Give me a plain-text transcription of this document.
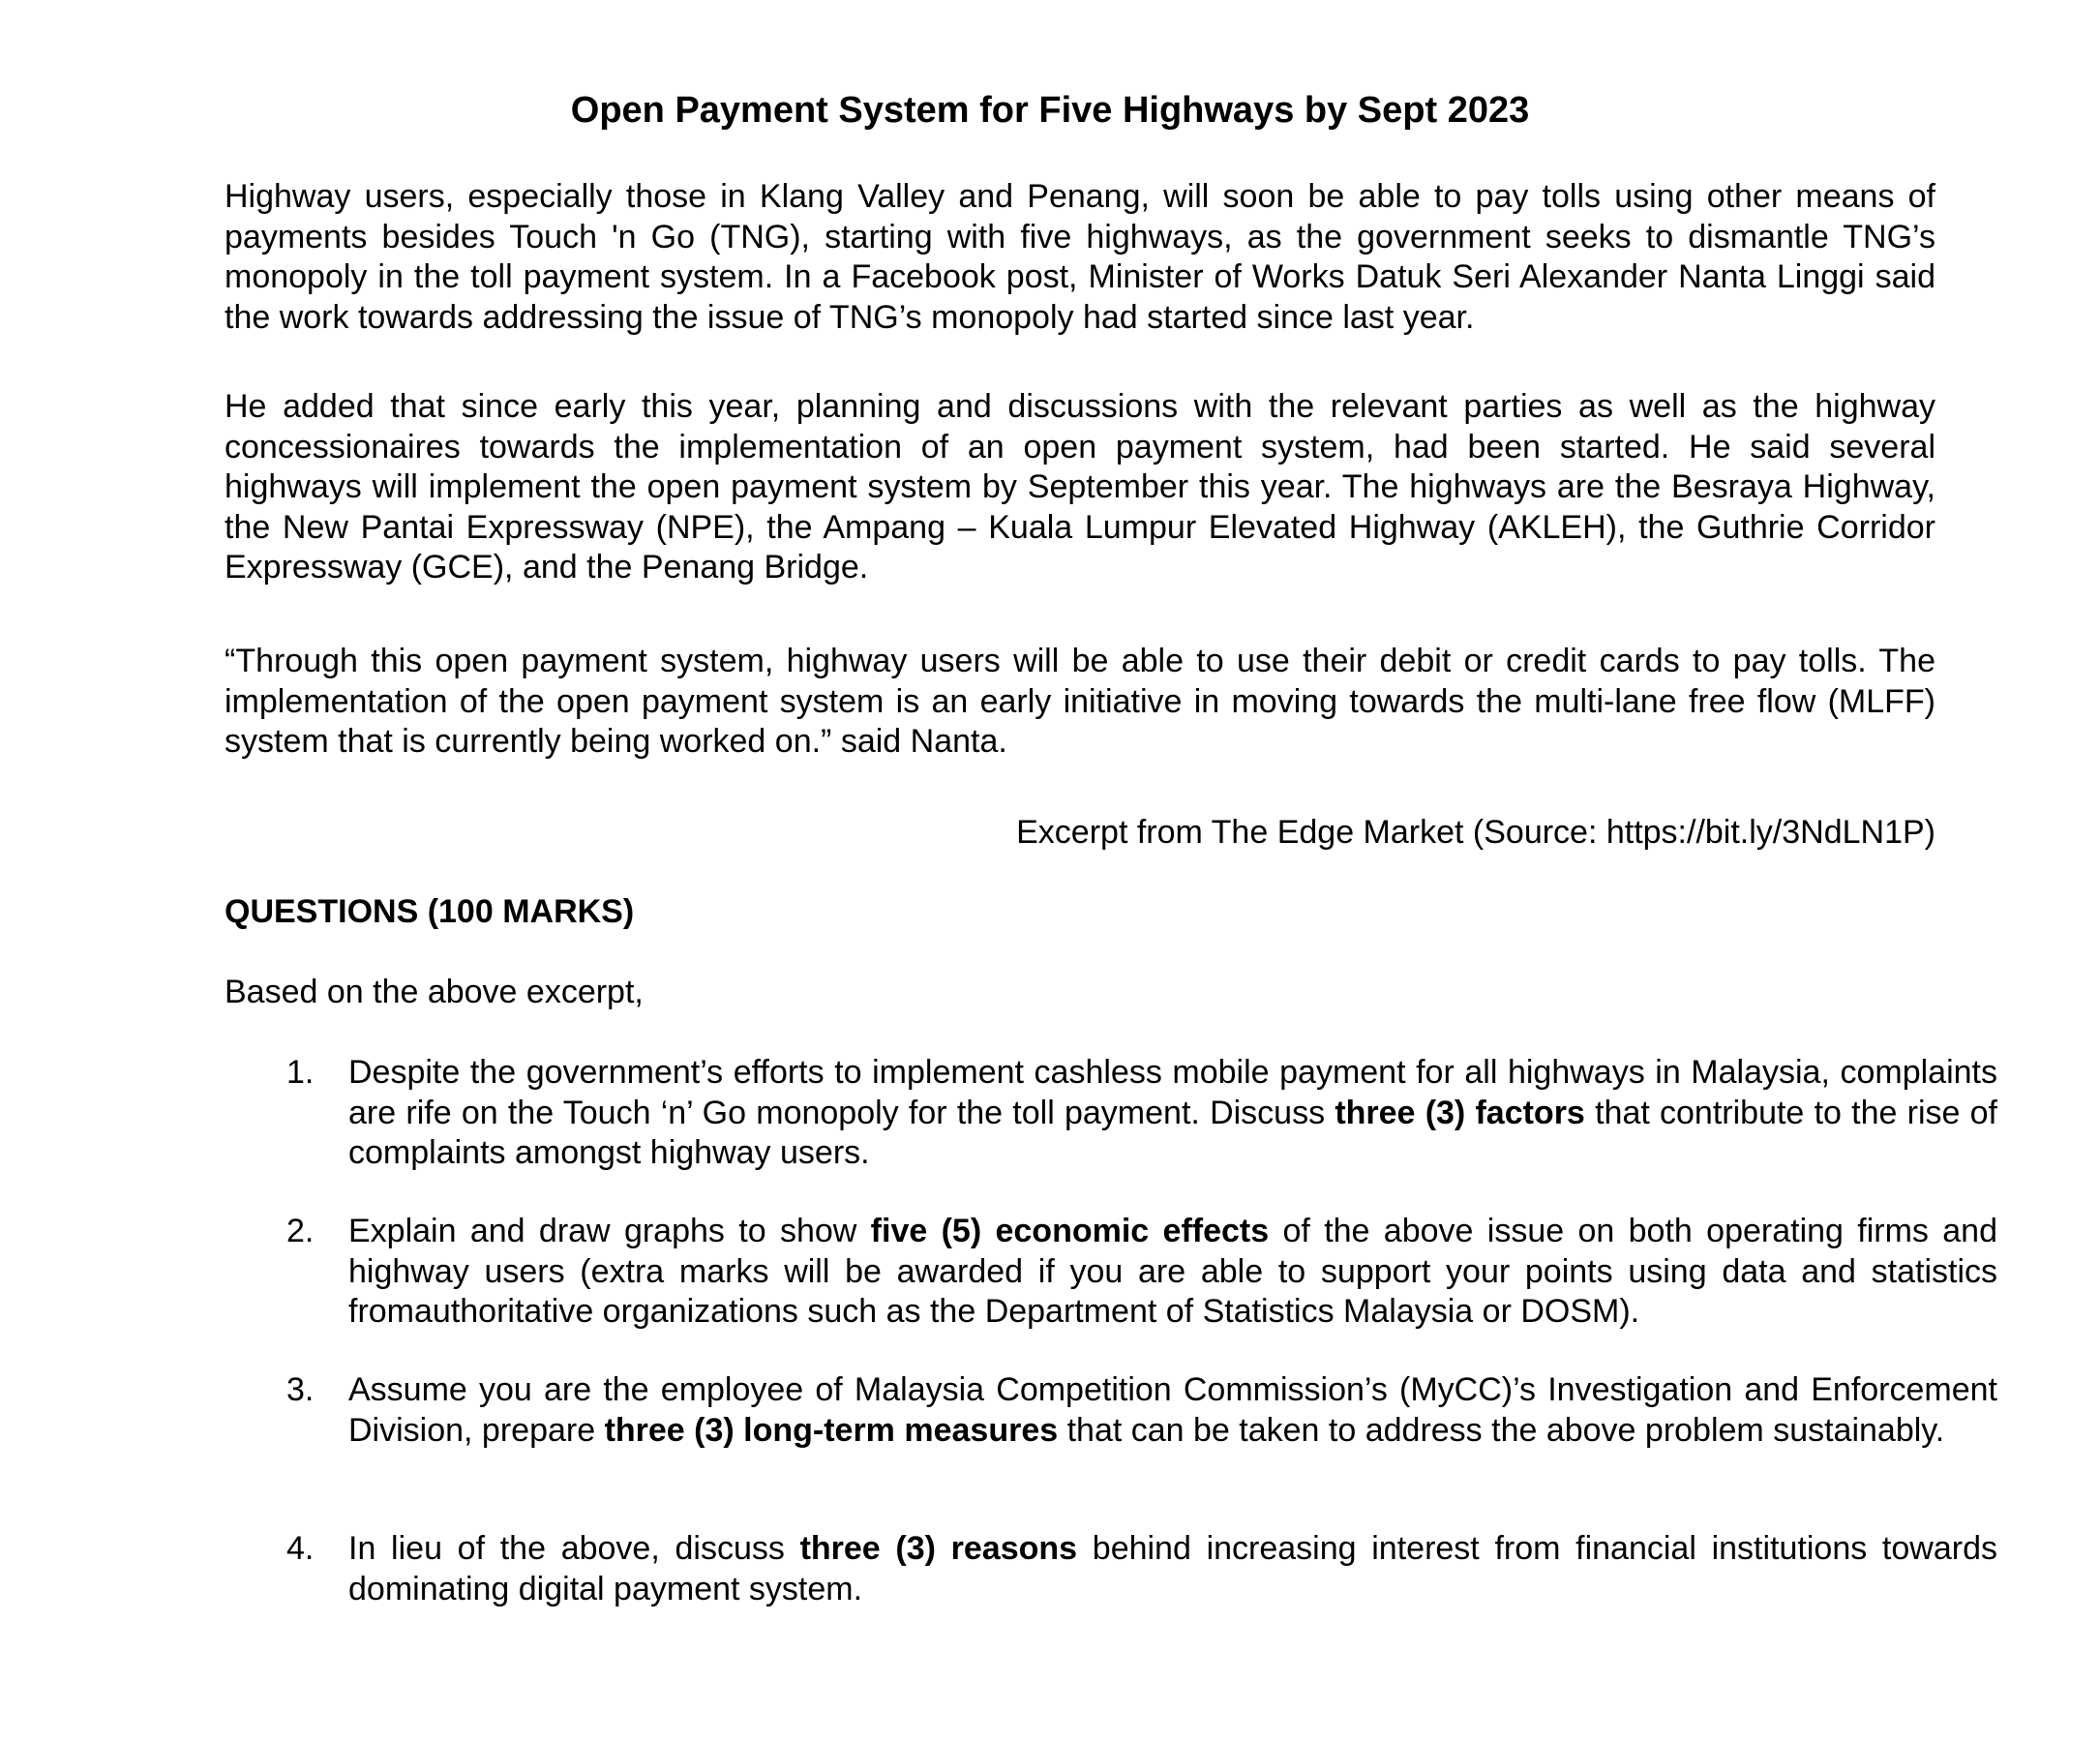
Open Payment System for Five Highways by Sept 2023

Highway users, especially those in Klang Valley and Penang, will soon be able to pay tolls using other means of payments besides Touch 'n Go (TNG), starting with five highways, as the government seeks to dismantle TNG’s monopoly in the toll payment system. In a Facebook post, Minister of Works Datuk Seri Alexander Nanta Linggi said the work towards addressing the issue of TNG’s monopoly had started since last year.

He added that since early this year, planning and discussions with the relevant parties as well as the highway concessionaires towards the implementation of an open payment system, had been started. He said several highways will implement the open payment system by September this year. The highways are the Besraya Highway, the New Pantai Expressway (NPE), the Ampang – Kuala Lumpur Elevated Highway (AKLEH), the Guthrie Corridor Expressway (GCE), and the Penang Bridge.

“Through this open payment system, highway users will be able to use their debit or credit cards to pay tolls. The implementation of the open payment system is an early initiative in moving towards the multi-lane free flow (MLFF) system that is currently being worked on.” said Nanta.

Excerpt from The Edge Market (Source: https://bit.ly/3NdLN1P)

QUESTIONS (100 MARKS)

Based on the above excerpt,

1.	Despite the government’s efforts to implement cashless mobile payment for all highways in Malaysia, complaints are rife on the Touch ‘n’ Go monopoly for the toll payment. Discuss three (3) factors that contribute to the rise of complaints amongst highway users.
2.	Explain and draw graphs to show five (5) economic effects of the above issue on both operating firms and highway users (extra marks will be awarded if you are able to support your points using data and statistics fromauthoritative organizations such as the Department of Statistics Malaysia or DOSM).
3.	Assume you are the employee of Malaysia Competition Commission’s (MyCC)’s Investigation and Enforcement Division, prepare three (3) long-term measures that can be taken to address the above problem sustainably.
4.	In lieu of the above, discuss three (3) reasons behind increasing interest from financial institutions towards dominating digital payment system.
